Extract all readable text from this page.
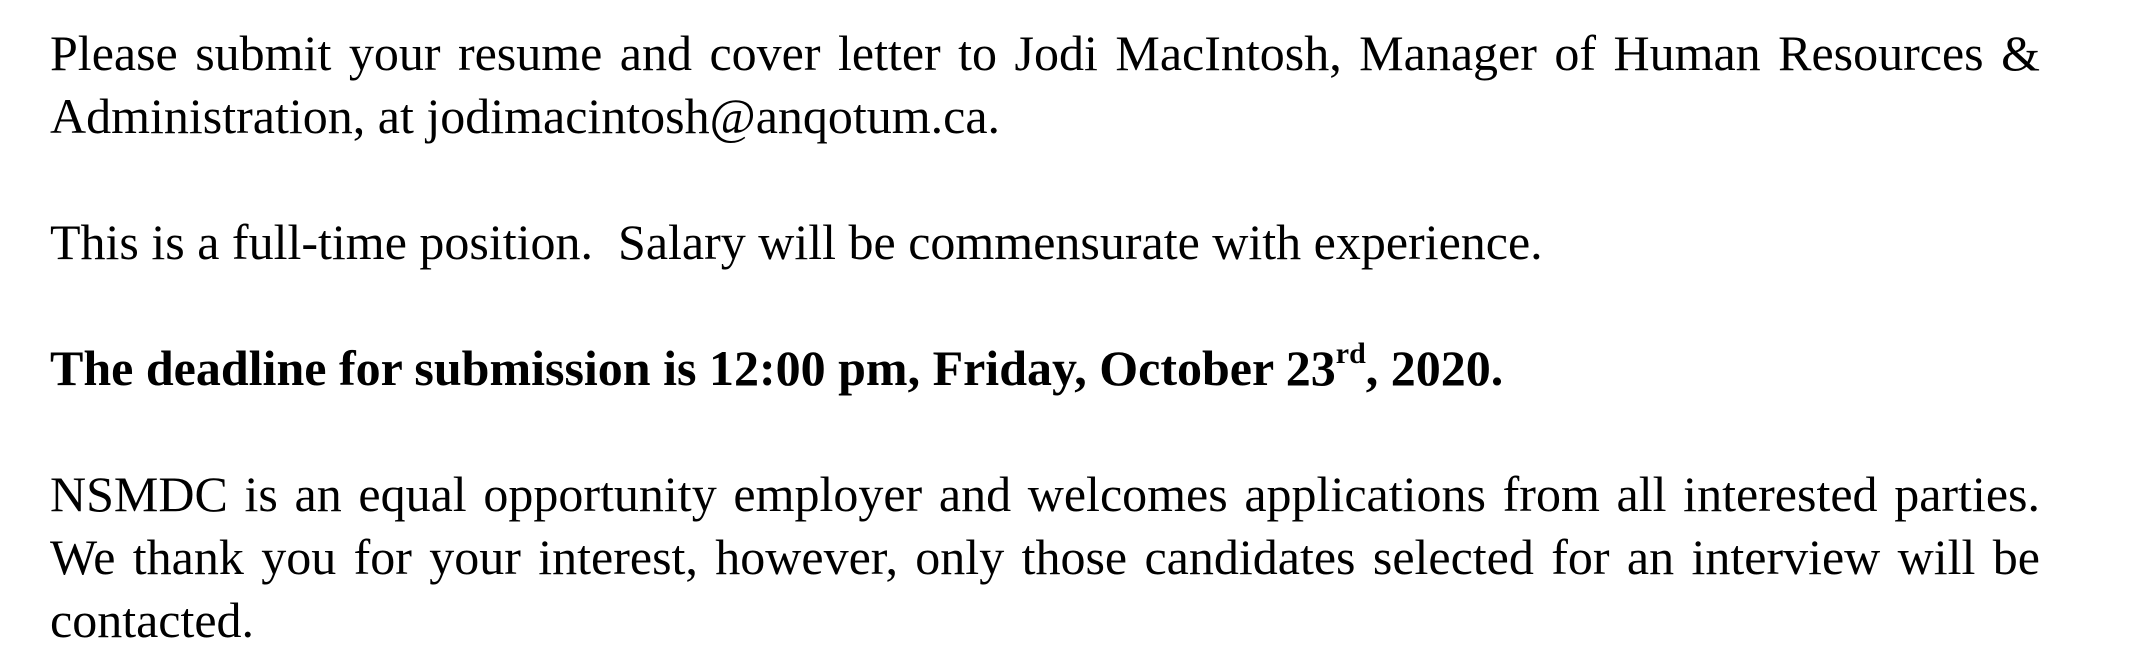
Please submit your resume and cover letter to Jodi MacIntosh, Manager of Human Resources & Administration, at jodimacintosh@anqotum.ca.

This is a full-time position.  Salary will be commensurate with experience.

The deadline for submission is 12:00 pm, Friday, October 23rd, 2020.

NSMDC is an equal opportunity employer and welcomes applications from all interested parties.  We thank you for your interest, however, only those candidates selected for an interview will be contacted.
